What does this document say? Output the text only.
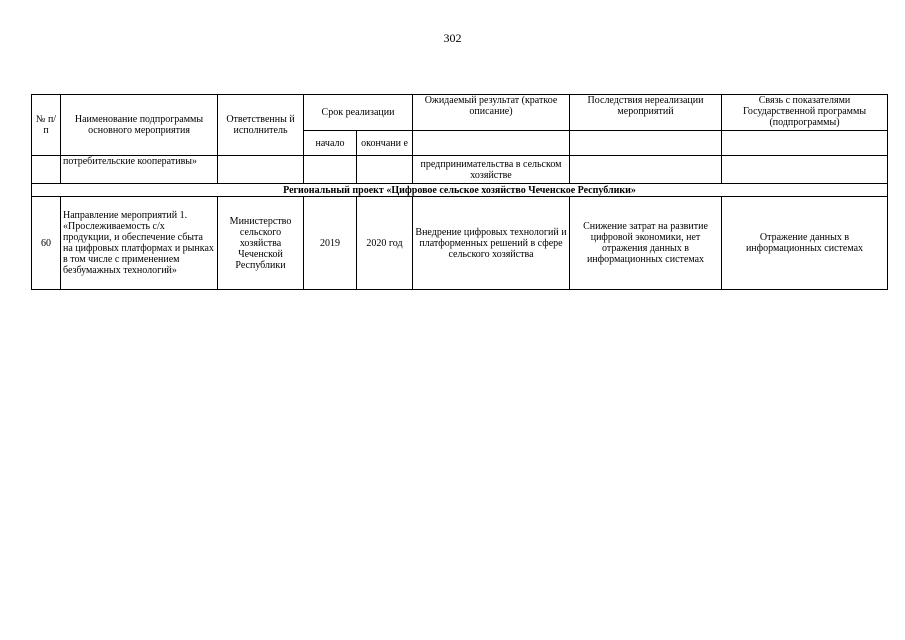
302
№ п/п	Наименование подпрограммы основного мероприятия	Ответственны й исполнитель	Срок реализации		Ожидаемый результат (краткое описание)	Последствия нереализации мероприятий	Связь с показателями Государственной программы (подпрограммы)
			начало	окончани е			
	потребительские кооперативы»				предпринимательства в сельском хозяйстве		
Региональный проект «Цифровое сельское хозяйство Чеченское Республики»							
60	Направление мероприятий 1. «Прослеживаемость с/х продукции, и обеспечение сбыта на цифровых платформах и рынках в том числе с применением безбумажных технологий»	Министерство сельского хозяйства Чеченской Республики	2019	2020 год	Внедрение цифровых технологий и платформенных решений в сфере сельского хозяйства	Снижение затрат на развитие цифровой экономики, нет отражения данных в информационных системах	Отражение данных в информационных системах
